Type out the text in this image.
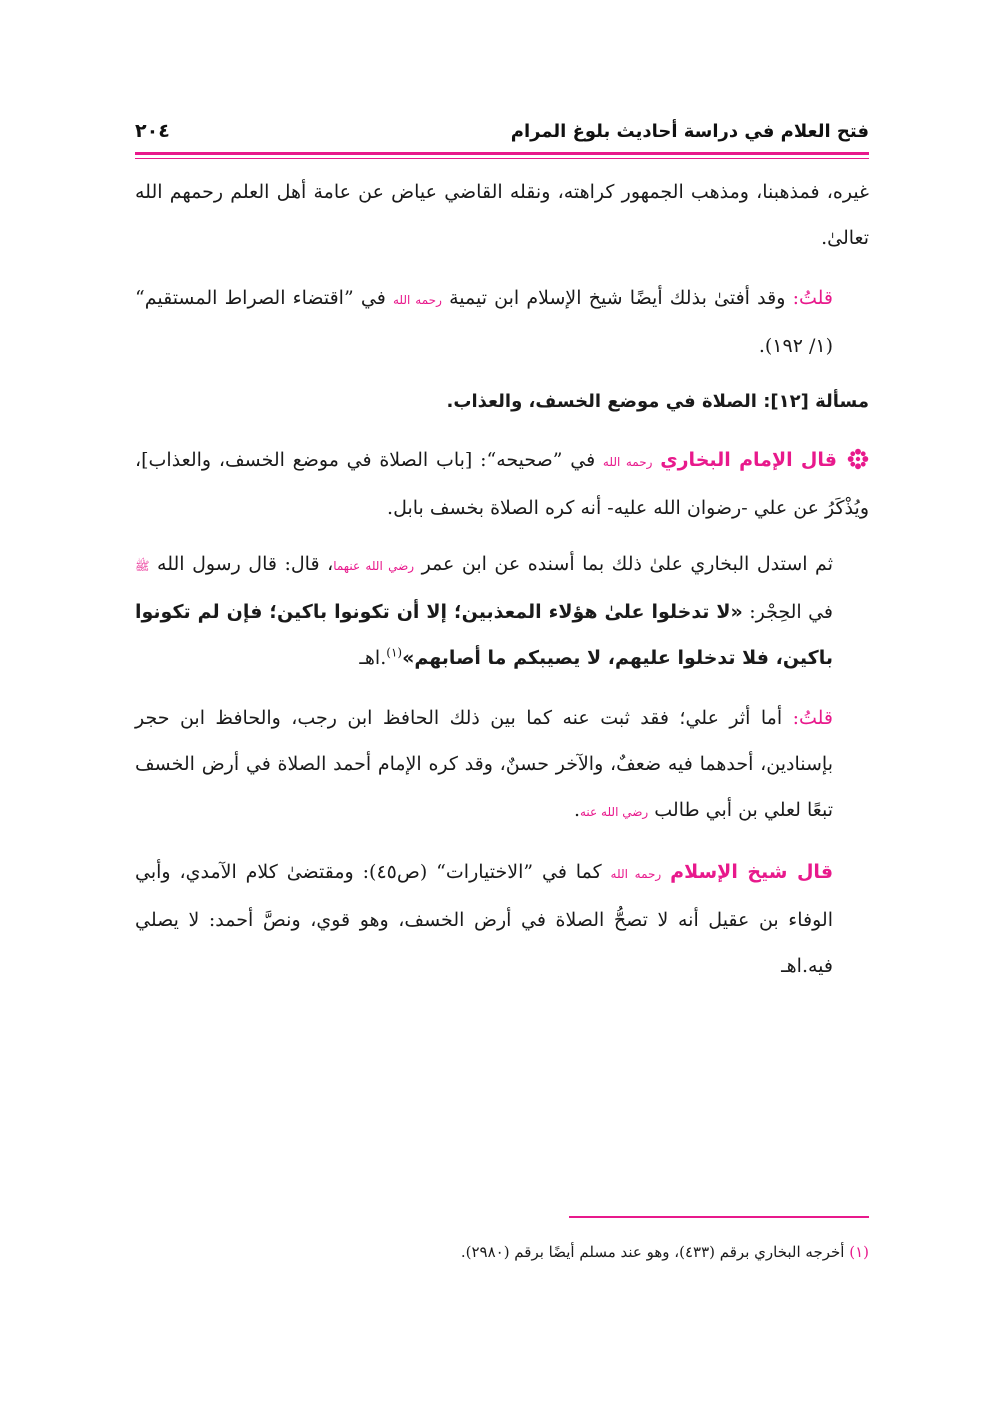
فتح العلام في دراسة أحاديث بلوغ المرام
٢٠٤

غيره، فمذهبنا، ومذهب الجمهور كراهته، ونقله القاضي عياض عن عامة أهل العلم رحمهم الله تعالىٰ.

قلتُ: وقد أفتىٰ بذلك أيضًا شيخ الإسلام ابن تيمية رحمه الله في ”اقتضاء الصراط المستقيم“ (١/ ١٩٢).

مسألة [١٢]: الصلاة في موضع الخسف، والعذاب.

قال الإمام البخاري رحمه الله في ”صحيحه“: [باب الصلاة في موضع الخسف، والعذاب]، ويُذْكَرُ عن علي -رضوان الله عليه- أنه كره الصلاة بخسف بابل.

ثم استدل البخاري علىٰ ذلك بما أسنده عن ابن عمر رضي الله عنهما، قال: قال رسول الله ﷺ في الحِجْر: «لا تدخلوا علىٰ هؤلاء المعذبين؛ إلا أن تكونوا باكين؛ فإن لم تكونوا باكين، فلا تدخلوا عليهم، لا يصيبكم ما أصابهم»$^{(١)}$.اهـ

قلتُ: أما أثر علي؛ فقد ثبت عنه كما بين ذلك الحافظ ابن رجب، والحافظ ابن حجر بإسنادين، أحدهما فيه ضعفٌ، والآخر حسنٌ، وقد كره الإمام أحمد الصلاة في أرض الخسف تبعًا لعلي بن أبي طالب رضي الله عنه.

قال شيخ الإسلام رحمه الله كما في ”الاختيارات“ (ص٤٥): ومقتضىٰ كلام الآمدي، وأبي الوفاء بن عقيل أنه لا تصحُّ الصلاة في أرض الخسف، وهو قوي، ونصَّ أحمد: لا يصلي فيه.اهـ

(١) أخرجه البخاري برقم (٤٣٣)، وهو عند مسلم أيضًا برقم (٢٩٨٠).
